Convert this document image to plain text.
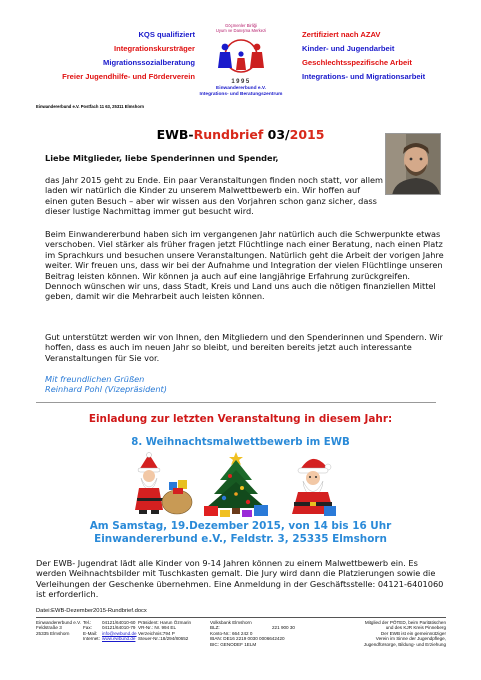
KQS qualifiziert
Integrationskursträger
Migrationssozialberatung
Freier Jugendhilfe- und Förderverein
Göçmenler Birliği
Uyum ve Danışma Merkezi
1995
Einwandererbund e.V.
Integrations- und Beratungszentrum
Zertifiziert nach AZAV
Kinder- und Jugendarbeit
Geschlechtsspezifische Arbeit
Integrations- und Migrationsarbeit
Einwandererbund e.V. Postfach 11 63, 25311 Elmshorn
EWB-Rundbrief 03/2015
Liebe Mitglieder, liebe Spenderinnen und Spender,
das Jahr 2015 geht zu Ende. Ein paar Veranstaltungen finden noch statt, vor allem laden wir natürlich die Kinder zu unserem Malwettbewerb ein. Wir hoffen auf einen guten Besuch – aber wir wissen aus den Vorjahren schon ganz sicher, dass dieser lustige Nachmittag immer gut besucht wird.
Beim Einwandererbund haben sich im vergangenen Jahr natürlich auch die Schwerpunkte etwas verschoben. Viel stärker als früher fragen jetzt Flüchtlinge nach einer Beratung, nach einen Platz im Sprachkurs und besuchen unsere Veranstaltungen. Natürlich geht die Arbeit der vorigen Jahre weiter. Wir freuen uns, dass wir bei der Aufnahme und Integration der vielen Flüchtlinge unseren Beitrag leisten können. Wir können ja auch auf eine langjährige Erfahrung zurückgreifen. Dennoch wünschen wir uns, dass Stadt, Kreis und Land uns auch die nötigen finanziellen Mittel geben, damit wir die Mehrarbeit auch leisten können.
Gut unterstützt werden wir von Ihnen, den Mitgliedern und den Spenderinnen und Spendern. Wir hoffen, dass es auch im neuen Jahr so bleibt, und bereiten bereits jetzt auch interessante Veranstaltungen für Sie vor.
Mit freundlichen Grüßen
Reinhard Pohl (Vizepräsident)
Einladung zur letzten Veranstaltung in diesem Jahr:
8. Weihnachtsmalwettbewerb im EWB
Am Samstag, 19.Dezember 2015, von 14 bis 16 Uhr
Einwandererbund e.V., Feldstr. 3, 25335 Elmshorn
Der EWB- Jugendrat lädt alle Kinder von 9-14 Jahren können zu einem Malwettbewerb ein. Es werden Weihnachtsbilder mit Tuschkasten gemalt. Die Jury wird dann die Platzierungen sowie die Verleihungen der Geschenke übernehmen. Eine Anmeldung in der Geschäftsstelle: 04121-6401060 ist erforderlich.
Datei:EWB-Dezember2015-Rundbrief.docx
Einwandererbund e.V.
Feldstraße 3
25335 Elmshorn
Tel.:
Fax:
E-Mail:
Internet:
04121/64010-60
04121/64010-79
info@ewbund.de
www.ewbund.de
Präsident: Harun Özmarin
VR-Nr.: Nr. 994 EL
Verzeichnis:794 P
Steuer-Nr.:18/294/80652
Volksbank Elmshorn
BLZ:
Konto-Nr.: 664 242 0
IBAN: DE16 2219 0030 0006642420
BIC: GENODEF 1ELM

221 900 30
Mitglied der PÖTED, beim Paritätischen
und des KJR Kreis Pinneberg
Der EWB ist ein gemeinnütziger
Verein im Sinne der Jugendpflege,
Jugendfürsorge, Bildung- und Erziehung
